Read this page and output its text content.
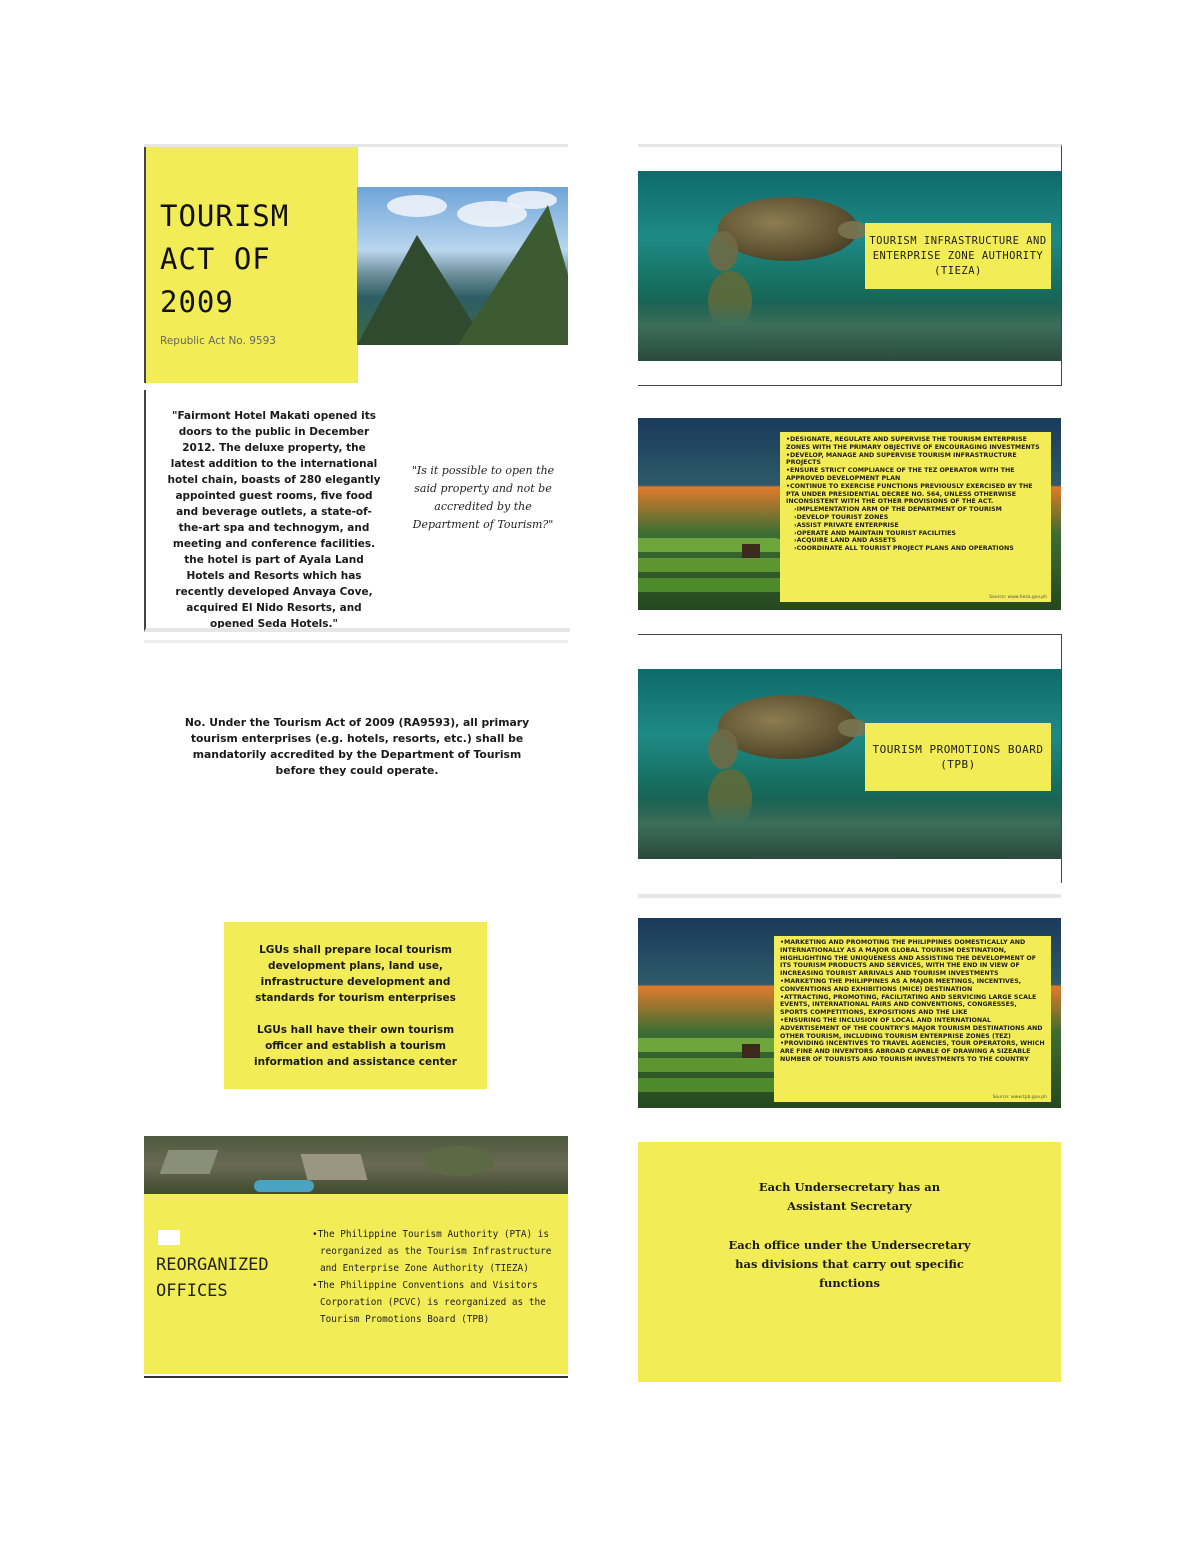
TOURISM
ACT OF
2009
Republic Act No. 9593
TOURISM INFRASTRUCTURE AND ENTERPRISE ZONE AUTHORITY (TIEZA)
"Fairmont Hotel Makati opened its doors to the public in December 2012. The deluxe property, the latest addition to the international hotel chain, boasts of 280 elegantly appointed guest rooms, five food and beverage outlets, a state-of-the-art spa and technogym, and meeting and conference facilities. the hotel is part of Ayala Land Hotels and Resorts which has recently developed Anvaya Cove, acquired El Nido Resorts, and opened Seda Hotels."
"Is it possible to open the said property and not be accredited by the Department of Tourism?"
• DESIGNATE, REGULATE AND SUPERVISE THE TOURISM ENTERPRISE ZONES WITH THE PRIMARY OBJECTIVE OF ENCOURAGING INVESTMENTS
• DEVELOP, MANAGE AND SUPERVISE TOURISM INFRASTRUCTURE PROJECTS
• ENSURE STRICT COMPLIANCE OF THE TEZ OPERATOR WITH THE APPROVED DEVELOPMENT PLAN
• CONTINUE TO EXERCISE FUNCTIONS PREVIOUSLY EXERCISED BY THE PTA UNDER PRESIDENTIAL DECREE NO. 564, UNLESS OTHERWISE INCONSISTENT WITH THE OTHER PROVISIONS OF THE ACT.
› IMPLEMENTATION ARM OF THE DEPARTMENT OF TOURISM
› DEVELOP TOURIST ZONES
› ASSIST PRIVATE ENTERPRISE
› OPERATE AND MAINTAIN TOURIST FACILITIES
› ACQUIRE LAND AND ASSETS
› COORDINATE ALL TOURIST PROJECT PLANS AND OPERATIONS
Source: www.tieza.gov.ph
No. Under the Tourism Act of 2009 (RA9593), all primary tourism enterprises (e.g. hotels, resorts, etc.) shall be mandatorily accredited by the Department of Tourism before they could operate.
TOURISM PROMOTIONS BOARD (TPB)
LGUs shall prepare local tourism development plans, land use, infrastructure development and standards for tourism enterprises
LGUs hall have their own tourism officer and establish a tourism information and assistance center
• MARKETING AND PROMOTING THE PHILIPPINES DOMESTICALLY AND INTERNATIONALLY AS A MAJOR GLOBAL TOURISM DESTINATION, HIGHLIGHTING THE UNIQUENESS AND ASSISTING THE DEVELOPMENT OF ITS TOURISM PRODUCTS AND SERVICES, WITH THE END IN VIEW OF INCREASING TOURIST ARRIVALS AND TOURISM INVESTMENTS
• MARKETING THE PHILIPPINES AS A MAJOR MEETINGS, INCENTIVES, CONVENTIONS AND EXHIBITIONS (MICE) DESTINATION
• ATTRACTING, PROMOTING, FACILITATING AND SERVICING LARGE SCALE EVENTS, INTERNATIONAL FAIRS AND CONVENTIONS, CONGRESSES, SPORTS COMPETITIONS, EXPOSITIONS AND THE LIKE
• ENSURING THE INCLUSION OF LOCAL AND INTERNATIONAL ADVERTISEMENT OF THE COUNTRY'S MAJOR TOURISM DESTINATIONS AND OTHER TOURISM, INCLUDING TOURISM ENTERPRISE ZONES (TEZ)
• PROVIDING INCENTIVES TO TRAVEL AGENCIES, TOUR OPERATORS, WHICH ARE FINE AND INVENTORS ABROAD CAPABLE OF DRAWING A SIZEABLE NUMBER OF TOURISTS AND TOURISM INVESTMENTS TO THE COUNTRY
Source: www.tpb.gov.ph
REORGANIZED
OFFICES
•The Philippine Tourism Authority (PTA) is reorganized as the Tourism Infrastructure and Enterprise Zone Authority (TIEZA)
•The Philippine Conventions and Visitors Corporation (PCVC) is reorganized as the Tourism Promotions Board (TPB)
Each Undersecretary has an Assistant Secretary
Each office under the Undersecretary has divisions that carry out specific functions
